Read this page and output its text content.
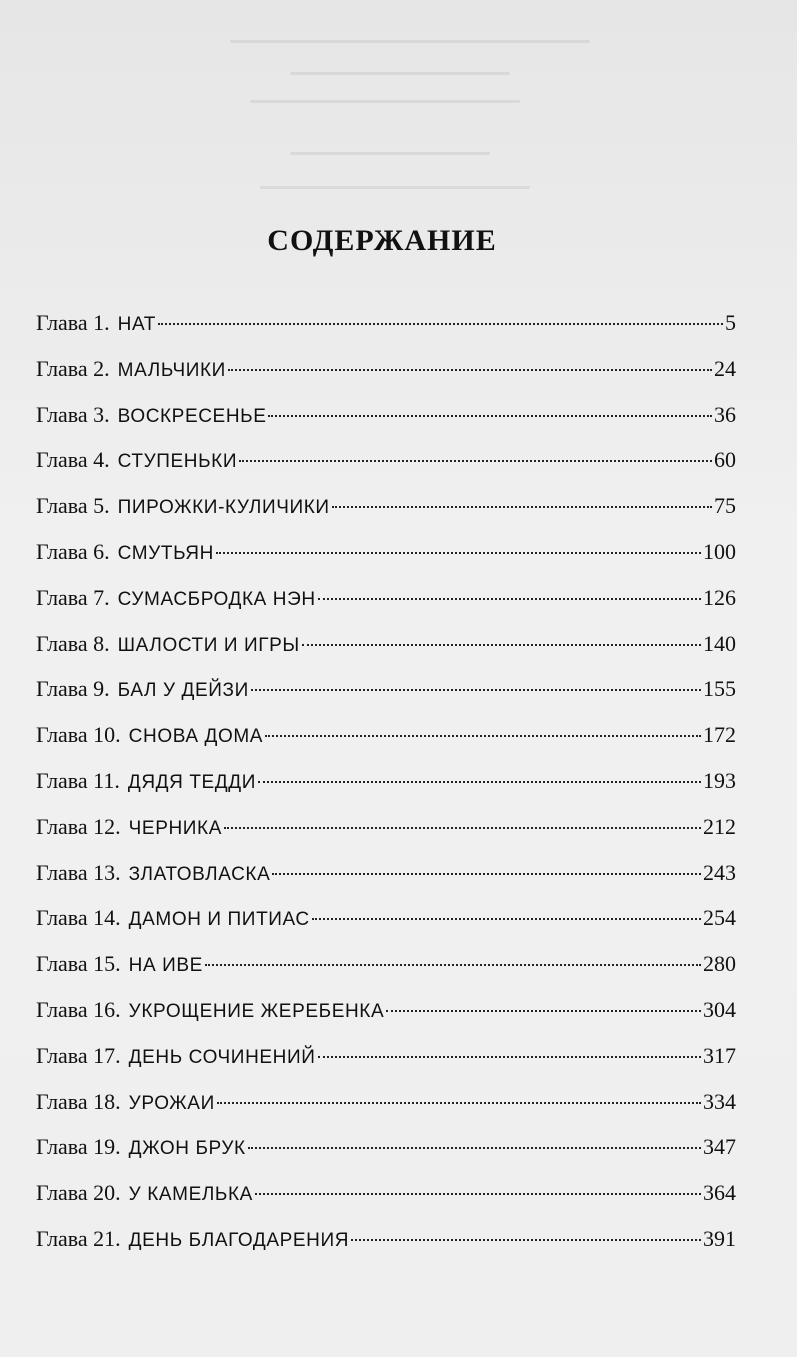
СОДЕРЖАНИЕ
Глава 1. НАТ	5
Глава 2. МАЛЬЧИКИ	24
Глава 3. ВОСКРЕСЕНЬЕ	36
Глава 4. СТУПЕНЬКИ	60
Глава 5. ПИРОЖКИ-КУЛИЧИКИ	75
Глава 6. СМУТЬЯН	100
Глава 7. СУМАСБРОДКА НЭН	126
Глава 8. ШАЛОСТИ И ИГРЫ	140
Глава 9. БАЛ У ДЕЙЗИ	155
Глава 10. СНОВА ДОМА	172
Глава 11. ДЯДЯ ТЕДДИ	193
Глава 12. ЧЕРНИКА	212
Глава 13. ЗЛАТОВЛАСКА	243
Глава 14. ДАМОН И ПИТИАС	254
Глава 15. НА ИВЕ	280
Глава 16. УКРОЩЕНИЕ ЖЕРЕБЕНКА	304
Глава 17. ДЕНЬ СОЧИНЕНИЙ	317
Глава 18. УРОЖАИ	334
Глава 19. ДЖОН БРУК	347
Глава 20. У КАМЕЛЬКА	364
Глава 21. ДЕНЬ БЛАГОДАРЕНИЯ	391
